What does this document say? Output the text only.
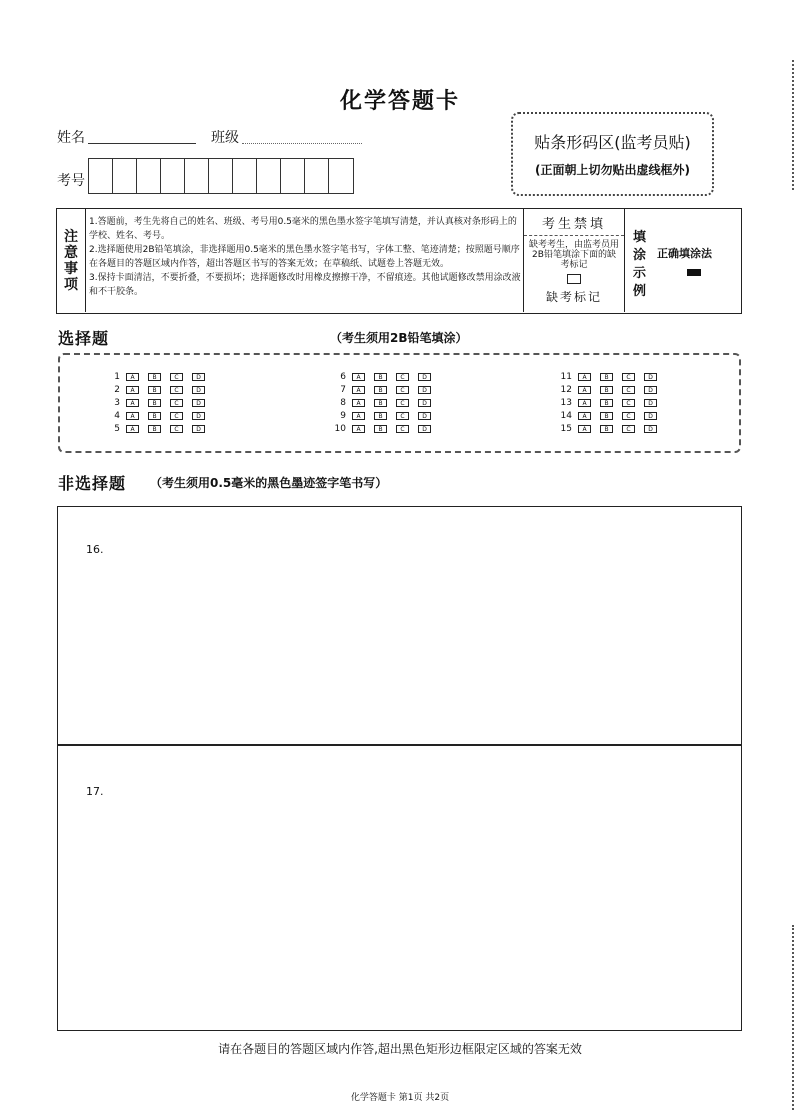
化学答题卡
姓名	班级
考号
贴条形码区(监考员贴)
(正面朝上切勿贴出虚线框外)
注
意
事
项

1.答题前，考生先将自己的姓名、班级、考号用0.5毫米的黑色墨水签字笔填写清楚，并认真核对条形码上的学校、姓名、考号。

2.选择题使用2B铅笔填涂，非选择题用0.5毫米的黑色墨水签字笔书写，字体工整、笔迹清楚；按照题号顺序在各题目的答题区域内作答，超出答题区书写的答案无效；在草稿纸、试题卷上答题无效。

3.保持卡面清洁，不要折叠，不要损坏；选择题修改时用橡皮擦擦干净，不留痕迹。其他试题修改禁用涂改液和不干胶条。

考生禁填
缺考考生，由监考员用2B铅笔填涂下面的缺考标记
缺考标记
填
涂
示
例
正确填涂法
选择题	（考生须用2B铅笔填涂）
1	A	B	C	D
2	A	B	C	D
3	A	B	C	D
4	A	B	C	D
5	A	B	C	D
6	A	B	C	D
7	A	B	C	D
8	A	B	C	D
9	A	B	C	D
10	A	B	C	D
11	A	B	C	D
12	A	B	C	D
13	A	B	C	D
14	A	B	C	D
15	A	B	C	D
非选择题 （考生须用0.5毫米的黑色墨迹签字笔书写）
16.
17.
请在各题目的答题区域内作答,超出黑色矩形边框限定区域的答案无效
化学答题卡 第1页 共2页
